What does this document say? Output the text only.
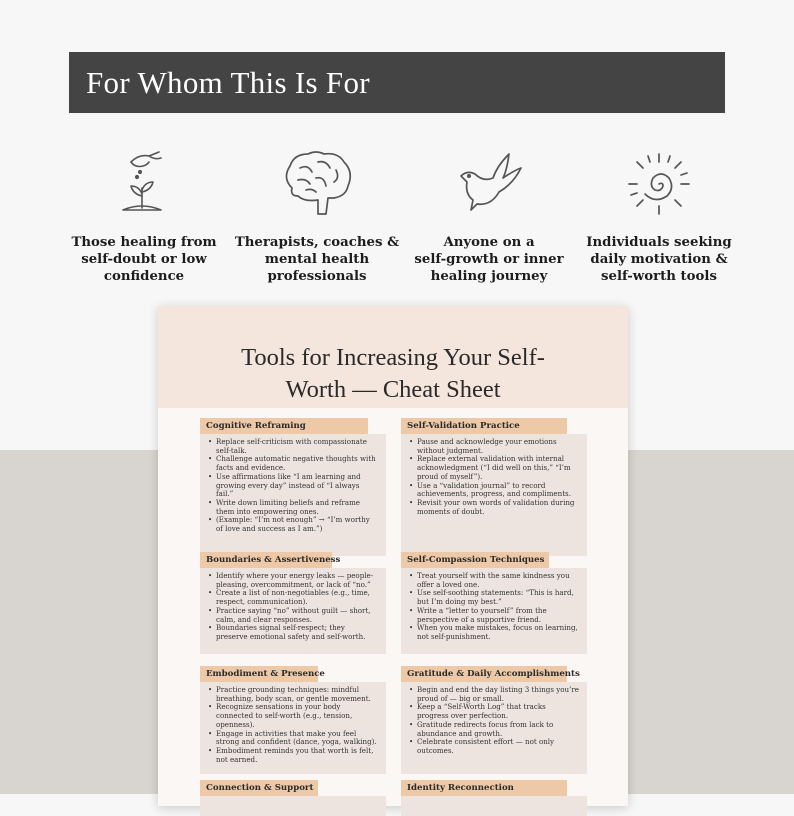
For Whom This Is For
Those healing from
self-doubt or low
confidence
Therapists, coaches &
mental health
professionals
Anyone on a
self-growth or inner
healing journey
Individuals seeking
daily motivation &
self-worth tools
Tools for Increasing Your Self-
Worth — Cheat Sheet
Cognitive Reframing
• Replace self-criticism with compassionate self-talk.
• Challenge automatic negative thoughts with facts and evidence.
• Use affirmations like “I am learning and growing every day” instead of “I always fail.”
• Write down limiting beliefs and reframe them into empowering ones.
• (Example: “I’m not enough” → “I’m worthy of love and success as I am.”)
Self-Validation Practice
• Pause and acknowledge your emotions without judgment.
• Replace external validation with internal acknowledgment (“I did well on this,” “I’m proud of myself”).
• Use a “validation journal” to record achievements, progress, and compliments.
• Revisit your own words of validation during moments of doubt.
Boundaries & Assertiveness
• Identify where your energy leaks — people-pleasing, overcommitment, or lack of “no.”
• Create a list of non-negotiables (e.g., time, respect, communication).
• Practice saying “no” without guilt — short, calm, and clear responses.
• Boundaries signal self-respect; they preserve emotional safety and self-worth.
Self-Compassion Techniques
• Treat yourself with the same kindness you offer a loved one.
• Use self-soothing statements: “This is hard, but I’m doing my best.”
• Write a “letter to yourself” from the perspective of a supportive friend.
• When you make mistakes, focus on learning, not self-punishment.
Embodiment & Presence
• Practice grounding techniques: mindful breathing, body scan, or gentle movement.
• Recognize sensations in your body connected to self-worth (e.g., tension, openness).
• Engage in activities that make you feel strong and confident (dance, yoga, walking).
• Embodiment reminds you that worth is felt, not earned.
Gratitude & Daily Accomplishments
• Begin and end the day listing 3 things you’re proud of — big or small.
• Keep a “Self-Worth Log” that tracks progress over perfection.
• Gratitude redirects focus from lack to abundance and growth.
• Celebrate consistent effort — not only outcomes.
Connection & Support	Identity Reconnection
